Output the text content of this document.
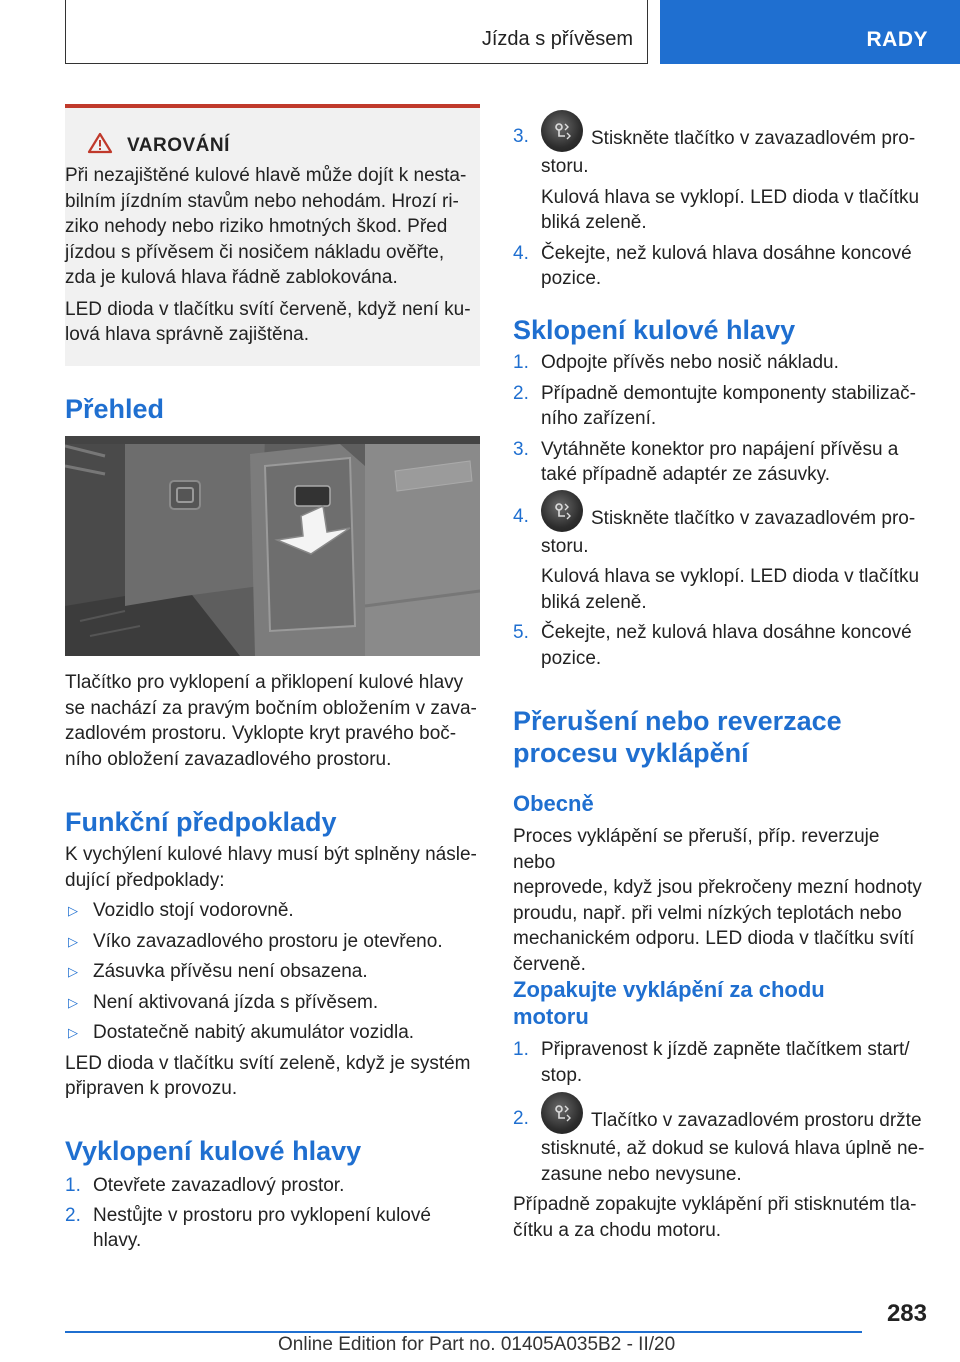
Jízda s přívěsem	RADY
VAROVÁNÍ

Při nezajištěné kulové hlavě může dojít k nesta-

bilním jízdním stavům nebo nehodám. Hrozí ri-

ziko nehody nebo riziko hmotných škod. Před

jízdou s přívěsem či nosičem nákladu ověřte,

zda je kulová hlava řádně zablokována.

LED dioda v tlačítku svítí červeně, když není ku-

lová hlava správně zajištěna.

Přehled

Tlačítko pro vyklopení a přiklopení kulové hlavy

se nachází za pravým bočním obložením v zava-

zadlovém prostoru. Vyklopte kryt pravého boč-

ního obložení zavazadlového prostoru.

Funkční předpoklady

K vychýlení kulové hlavy musí být splněny násle-

dující předpoklady:

▷ Vozidlo stojí vodorovně.
▷ Víko zavazadlového prostoru je otevřeno.
▷ Zásuvka přívěsu není obsazena.
▷ Není aktivovaná jízda s přívěsem.
▷ Dostatečně nabitý akumulátor vozidla.

LED dioda v tlačítku svítí zeleně, když je systém

připraven k provozu.

Vyklopení kulové hlavy
1. Otevřete zavazadlový prostor.

2. Nestůjte v prostoru pro vyklopení kulové

hlavy.

3.	Stiskněte tlačítko v zavazadlovém pro-

storu.

Kulová hlava se vyklopí. LED dioda v tlačítku

bliká zeleně.

4. Čekejte, než kulová hlava dosáhne koncové

pozice.

Sklopení kulové hlavy
1. Odpojte přívěs nebo nosič nákladu.

2. Případně demontujte komponenty stabilizač-

ního zařízení.

3. Vytáhněte konektor pro napájení přívěsu a

také případně adaptér ze zásuvky.

4.	Stiskněte tlačítko v zavazadlovém pro-

storu.

Kulová hlava se vyklopí. LED dioda v tlačítku

bliká zeleně.

5. Čekejte, než kulová hlava dosáhne koncové

pozice.

Přerušení nebo reverzace
procesu vyklápění
Obecně

Proces vyklápění se přeruší, příp. reverzuje nebo

neprovede, když jsou překročeny mezní hodnoty

proudu, např. při velmi nízkých teplotách nebo

mechanickém odporu. LED dioda v tlačítku svítí

červeně.

Zopakujte vyklápění za chodu
motoru
1. Připravenost k jízdě zapněte tlačítkem start/

stop.

2.	Tlačítko v zavazadlovém prostoru držte

stisknuté, až dokud se kulová hlava úplně ne-

zasune nebo nevysune.

Případně zopakujte vyklápění při stisknutém tla-

čítku a za chodu motoru.

283
Online Edition for Part no. 01405A035B2 - II/20
